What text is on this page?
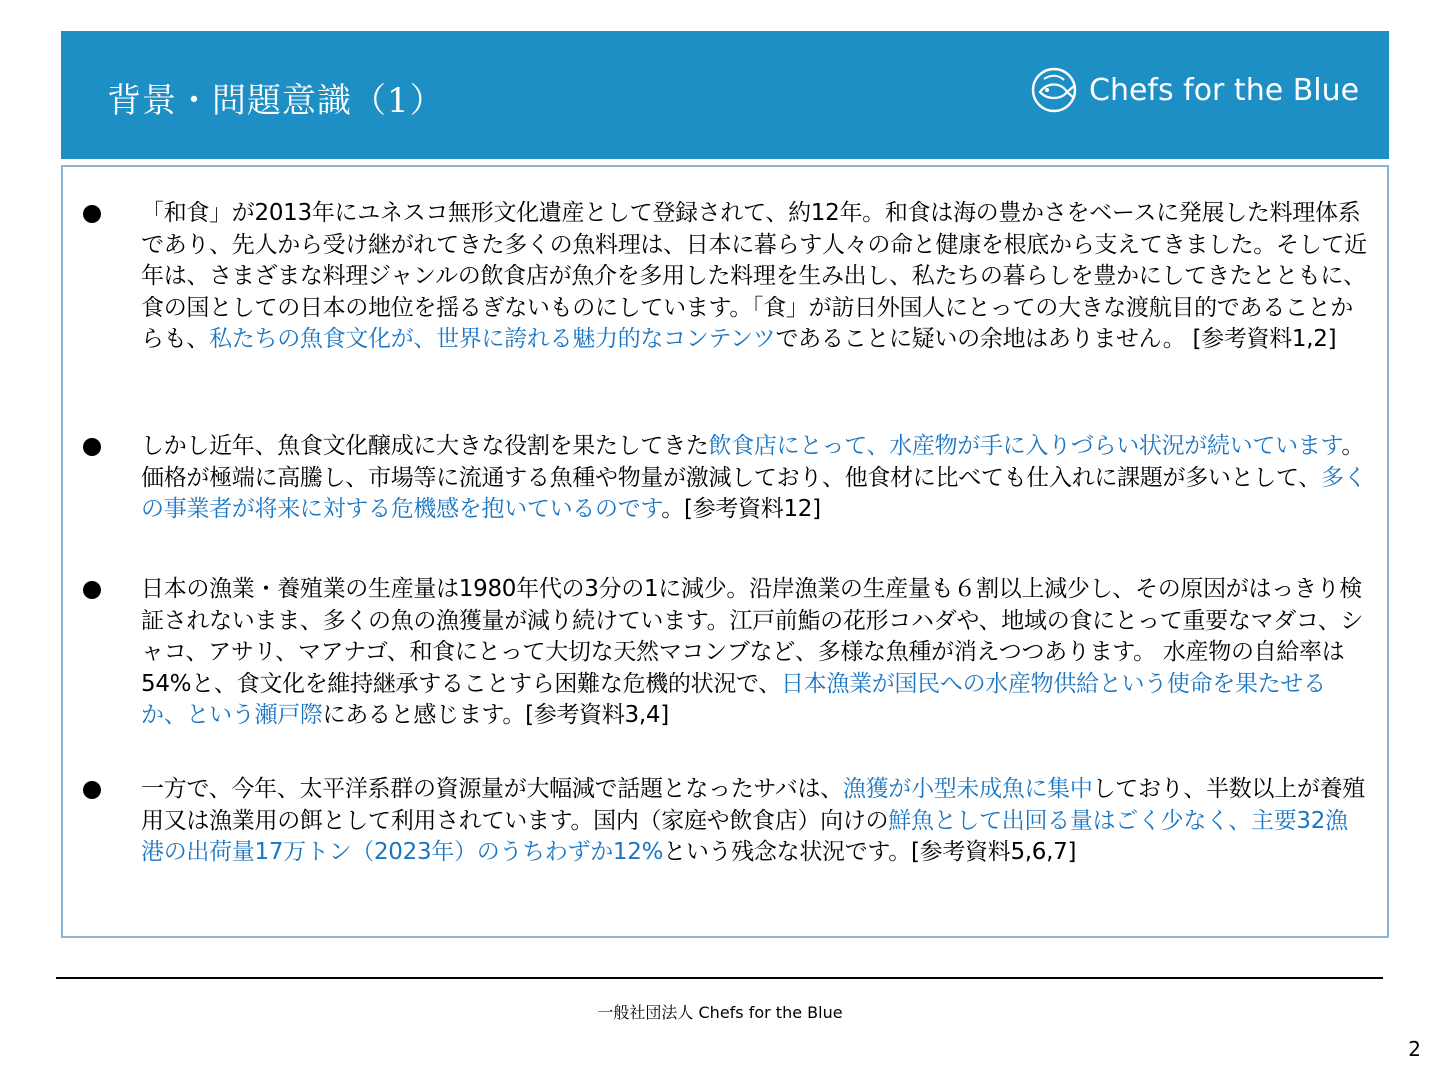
背景・問題意識（1）	Chefs for the Blue

「和食」が2013年にユネスコ無形文化遺産として登録されて、約12年。和食は海の豊かさをベースに発展した料理体系であり、先人から受け継がれてきた多くの魚料理は、日本に暮らす人々の命と健康を根底から支えてきました。そして近年は、さまざまな料理ジャンルの飲食店が魚介を多用した料理を生み出し、私たちの暮らしを豊かにしてきたとともに、食の国としての日本の地位を揺るぎないものにしています。「食」が訪日外国人にとっての大きな渡航目的であることからも、私たちの魚食文化が、世界に誇れる魅力的なコンテンツであることに疑いの余地はありません。 [参考資料1,2]

しかし近年、魚食文化醸成に大きな役割を果たしてきた飲食店にとって、水産物が手に入りづらい状況が続いています。価格が極端に高騰し、市場等に流通する魚種や物量が激減しており、他食材に比べても仕入れに課題が多いとして、多くの事業者が将来に対する危機感を抱いているのです。[参考資料12]

日本の漁業・養殖業の生産量は1980年代の3分の1に減少。沿岸漁業の生産量も６割以上減少し、その原因がはっきり検証されないまま、多くの魚の漁獲量が減り続けています。江戸前鮨の花形コハダや、地域の食にとって重要なマダコ、シャコ、アサリ、マアナゴ、和食にとって大切な天然マコンブなど、多様な魚種が消えつつあります。 水産物の自給率は54%と、食文化を維持継承することすら困難な危機的状況で、日本漁業が国民への水産物供給という使命を果たせるか、という瀬戸際にあると感じます。[参考資料3,4]

一方で、今年、太平洋系群の資源量が大幅減で話題となったサバは、漁獲が小型未成魚に集中しており、半数以上が養殖用又は漁業用の餌として利用されています。国内（家庭や飲食店）向けの鮮魚として出回る量はごく少なく、主要32漁港の出荷量17万トン（2023年）のうちわずか12%という残念な状況です。[参考資料5,6,7]

一般社団法人 Chefs for the Blue
2
